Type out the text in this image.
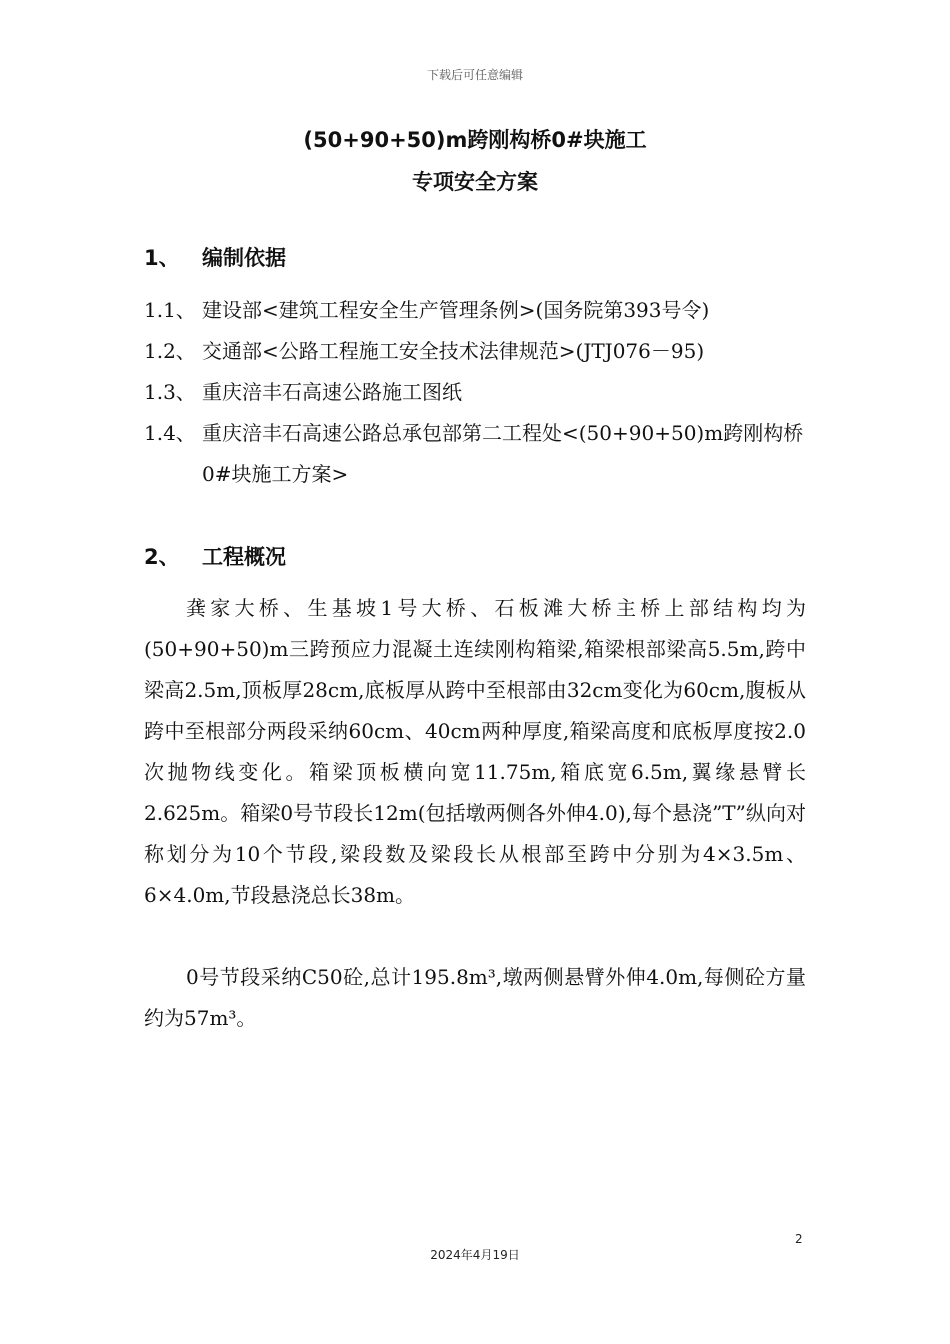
下载后可任意编辑
(50+90+50)m跨刚构桥0#块施工
专项安全方案
1、 编制依据
1.1、 建设部<建筑工程安全生产管理条例>(国务院第393号令)
1.2、 交通部<公路工程施工安全技术法律规范>(JTJ076－95)
1.3、 重庆涪丰石高速公路施工图纸
1.4、 重庆涪丰石高速公路总承包部第二工程处<(50+90+50)m跨刚构桥0#块施工方案>
2、 工程概况

龚家大桥、生基坡1号大桥、石板滩大桥主桥上部结构均为(50+90+50)m三跨预应力混凝土连续刚构箱梁,箱梁根部梁高5.5m,跨中梁高2.5m,顶板厚28cm,底板厚从跨中至根部由32cm变化为60cm,腹板从跨中至根部分两段采纳60cm、40cm两种厚度,箱梁高度和底板厚度按2.0次抛物线变化。箱梁顶板横向宽11.75m,箱底宽6.5m,翼缘悬臂长2.625m。箱梁0号节段长12m(包括墩两侧各外伸4.0),每个悬浇”T”纵向对称划分为10个节段,梁段数及梁段长从根部至跨中分别为4×3.5m、6×4.0m,节段悬浇总长38m。

0号节段采纳C50砼,总计195.8m³,墩两侧悬臂外伸4.0m,每侧砼方量约为57m³。

2
2024年4月19日
